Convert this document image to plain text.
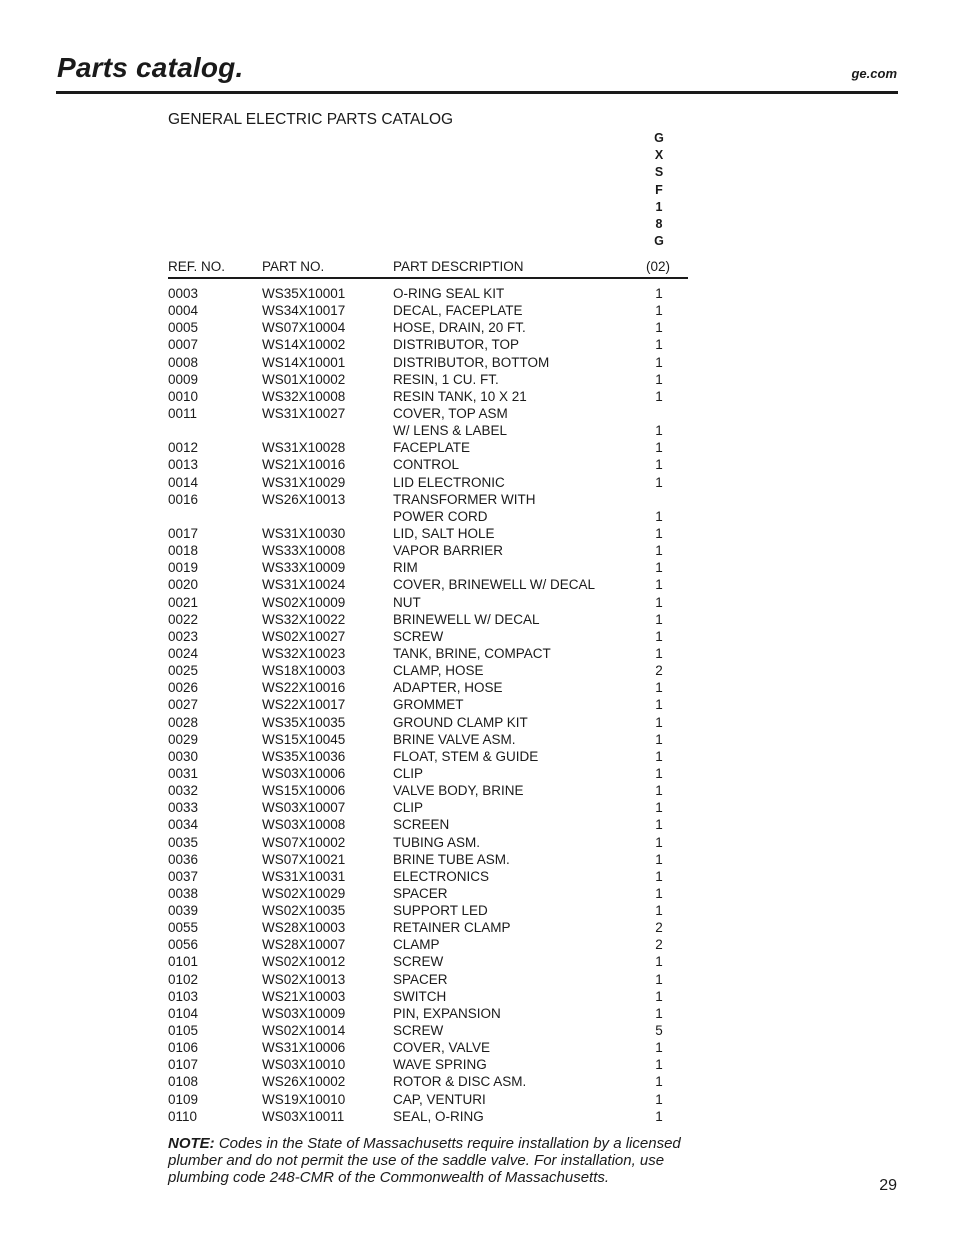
Parts catalog.	ge.com
GENERAL ELECTRIC PARTS CATALOG
G
X
S
F
1
8
G
REF. NO.	PART NO.	PART DESCRIPTION	(02)
0003	WS35X10001	O-RING SEAL KIT	1
0004	WS34X10017	DECAL, FACEPLATE	1
0005	WS07X10004	HOSE, DRAIN, 20 FT.	1
0007	WS14X10002	DISTRIBUTOR, TOP	1
0008	WS14X10001	DISTRIBUTOR, BOTTOM	1
0009	WS01X10002	RESIN, 1 CU. FT.	1
0010	WS32X10008	RESIN TANK, 10 X 21	1
0011	WS31X10027	COVER, TOP ASM
W/ LENS & LABEL	1
0012	WS31X10028	FACEPLATE	1
0013	WS21X10016	CONTROL	1
0014	WS31X10029	LID ELECTRONIC	1
0016	WS26X10013	TRANSFORMER WITH
POWER CORD	1
0017	WS31X10030	LID, SALT HOLE	1
0018	WS33X10008	VAPOR BARRIER	1
0019	WS33X10009	RIM	1
0020	WS31X10024	COVER, BRINEWELL W/ DECAL	1
0021	WS02X10009	NUT	1
0022	WS32X10022	BRINEWELL W/ DECAL	1
0023	WS02X10027	SCREW	1
0024	WS32X10023	TANK, BRINE, COMPACT	1
0025	WS18X10003	CLAMP, HOSE	2
0026	WS22X10016	ADAPTER, HOSE	1
0027	WS22X10017	GROMMET	1
0028	WS35X10035	GROUND CLAMP KIT	1
0029	WS15X10045	BRINE VALVE ASM.	1
0030	WS35X10036	FLOAT, STEM & GUIDE	1
0031	WS03X10006	CLIP	1
0032	WS15X10006	VALVE BODY, BRINE	1
0033	WS03X10007	CLIP	1
0034	WS03X10008	SCREEN	1
0035	WS07X10002	TUBING ASM.	1
0036	WS07X10021	BRINE TUBE ASM.	1
0037	WS31X10031	ELECTRONICS	1
0038	WS02X10029	SPACER	1
0039	WS02X10035	SUPPORT LED	1
0055	WS28X10003	RETAINER CLAMP	2
0056	WS28X10007	CLAMP	2
0101	WS02X10012	SCREW	1
0102	WS02X10013	SPACER	1
0103	WS21X10003	SWITCH	1
0104	WS03X10009	PIN, EXPANSION	1
0105	WS02X10014	SCREW	5
0106	WS31X10006	COVER, VALVE	1
0107	WS03X10010	WAVE SPRING	1
0108	WS26X10002	ROTOR & DISC ASM.	1
0109	WS19X10010	CAP, VENTURI	1
0110	WS03X10011	SEAL, O-RING	1
NOTE: Codes in the State of Massachusetts require installation by a licensed plumber and do not permit the use of the saddle valve. For installation, use plumbing code 248-CMR of the Commonwealth of Massachusetts.	29
